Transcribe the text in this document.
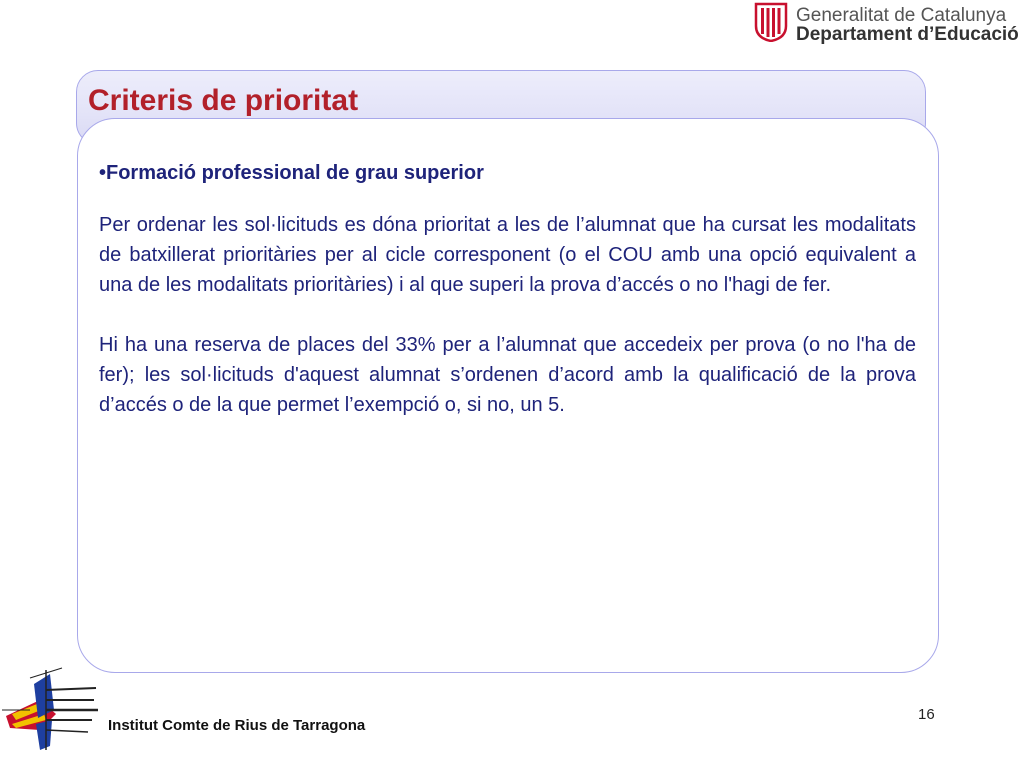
Generalitat de Catalunya
Departament d’Educació
Criteris de prioritat

•Formació professional de grau superior

Per ordenar les sol·licituds es dóna prioritat a les de l’alumnat que ha cursat les modalitats de batxillerat prioritàries per al cicle corresponent (o el COU amb una opció equivalent a una de les modalitats prioritàries) i al que superi la prova d’accés o no l'hagi de fer.

Hi ha una reserva de places del 33% per a l’alumnat que accedeix per prova (o no l'ha de fer); les sol·licituds d'aquest alumnat s’ordenen d’acord amb la qualificació de la prova d’accés o de la que permet l’exempció o, si no, un 5.

Institut Comte de Rius de Tarragona
16
